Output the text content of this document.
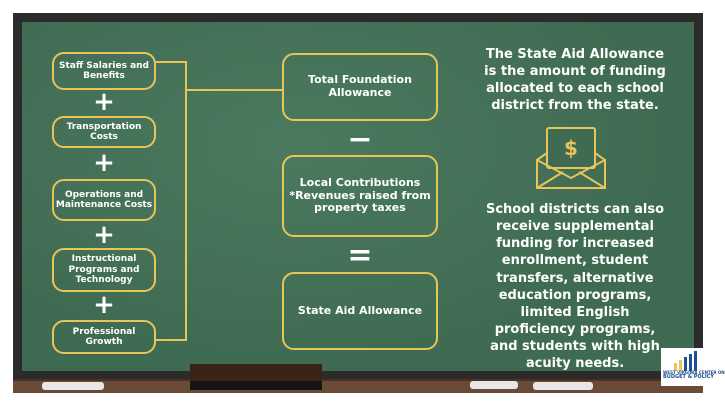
Staff Salaries and Benefits
+
Transportation Costs
+
Operations and Maintenance Costs
+
Instructional Programs and Technology
+
Professional Growth
Total Foundation Allowance
−
Local Contributions
*Revenues raised from property taxes
=
State Aid Allowance
The State Aid Allowance is the amount of funding allocated to each school district from the state.
$
School districts can also receive supplemental funding for increased enrollment, student transfers, alternative education programs, limited English proficiency programs, and students with high acuity needs.
WEST VIRGINIA CENTER ON
BUDGET & POLICY
